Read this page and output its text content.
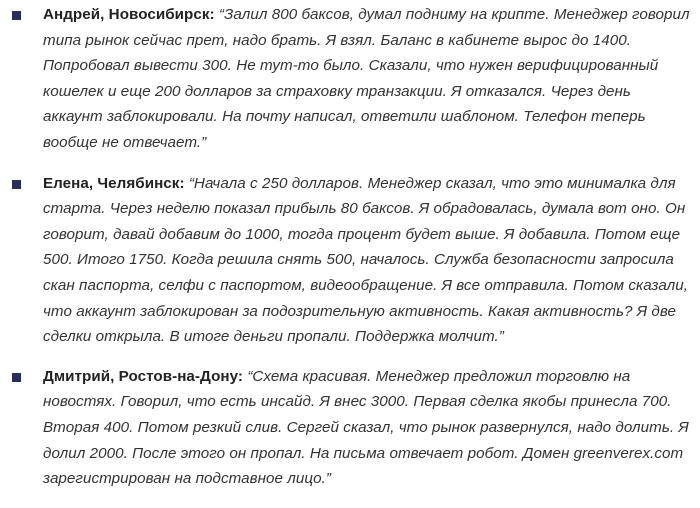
Андрей, Новосибирск: “Залил 800 баксов, думал подниму на крипте. Менеджер говорил типа рынок сейчас прет, надо брать. Я взял. Баланс в кабинете вырос до 1400. Попробовал вывести 300. Не тут-то было. Сказали, что нужен верифицированный кошелек и еще 200 долларов за страховку транзакции. Я отказался. Через день аккаунт заблокировали. На почту написал, ответили шаблоном. Телефон теперь вообще не отвечает.”
Елена, Челябинск: “Начала с 250 долларов. Менеджер сказал, что это минималка для старта. Через неделю показал прибыль 80 баксов. Я обрадовалась, думала вот оно. Он говорит, давай добавим до 1000, тогда процент будет выше. Я добавила. Потом еще 500. Итого 1750. Когда решила снять 500, началось. Служба безопасности запросила скан паспорта, селфи с паспортом, видеообращение. Я все отправила. Потом сказали, что аккаунт заблокирован за подозрительную активность. Какая активность? Я две сделки открыла. В итоге деньги пропали. Поддержка молчит.”
Дмитрий, Ростов-на-Дону: “Схема красивая. Менеджер предложил торговлю на новостях. Говорил, что есть инсайд. Я внес 3000. Первая сделка якобы принесла 700. Вторая 400. Потом резкий слив. Сергей сказал, что рынок развернулся, надо долить. Я долил 2000. После этого он пропал. На письма отвечает робот. Домен greenverex.com зарегистрирован на подставное лицо.”
